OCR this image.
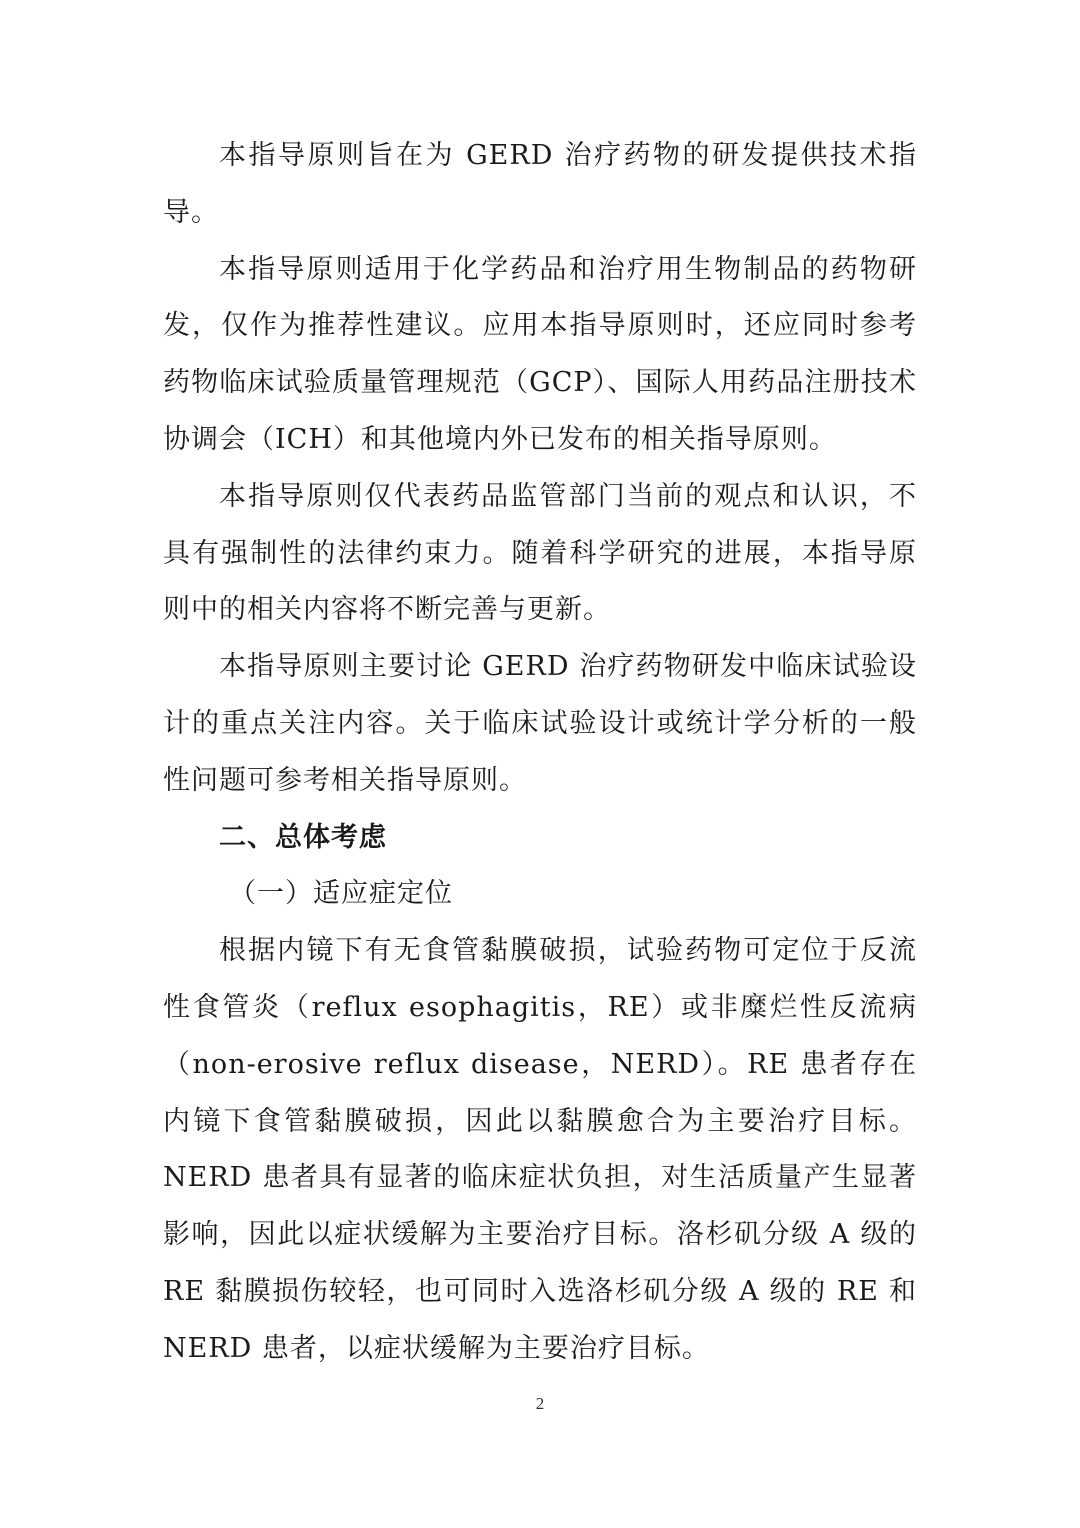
本指导原则旨在为 GERD 治疗药物的研发提供技术指导。

本指导原则适用于化学药品和治疗用生物制品的药物研发，仅作为推荐性建议。应用本指导原则时，还应同时参考药物临床试验质量管理规范（GCP）、国际人用药品注册技术协调会（ICH）和其他境内外已发布的相关指导原则。

本指导原则仅代表药品监管部门当前的观点和认识，不具有强制性的法律约束力。随着科学研究的进展，本指导原则中的相关内容将不断完善与更新。

本指导原则主要讨论 GERD 治疗药物研发中临床试验设计的重点关注内容。关于临床试验设计或统计学分析的一般性问题可参考相关指导原则。

二、总体考虑

（一）适应症定位

根据内镜下有无食管黏膜破损，试验药物可定位于反流性食管炎（reflux esophagitis，RE）或非糜烂性反流病（non-erosive reflux disease，NERD）。RE 患者存在内镜下食管黏膜破损，因此以黏膜愈合为主要治疗目标。NERD 患者具有显著的临床症状负担，对生活质量产生显著影响，因此以症状缓解为主要治疗目标。洛杉矶分级 A 级的 RE 黏膜损伤较轻，也可同时入选洛杉矶分级 A 级的 RE 和 NERD 患者，以症状缓解为主要治疗目标。

2
